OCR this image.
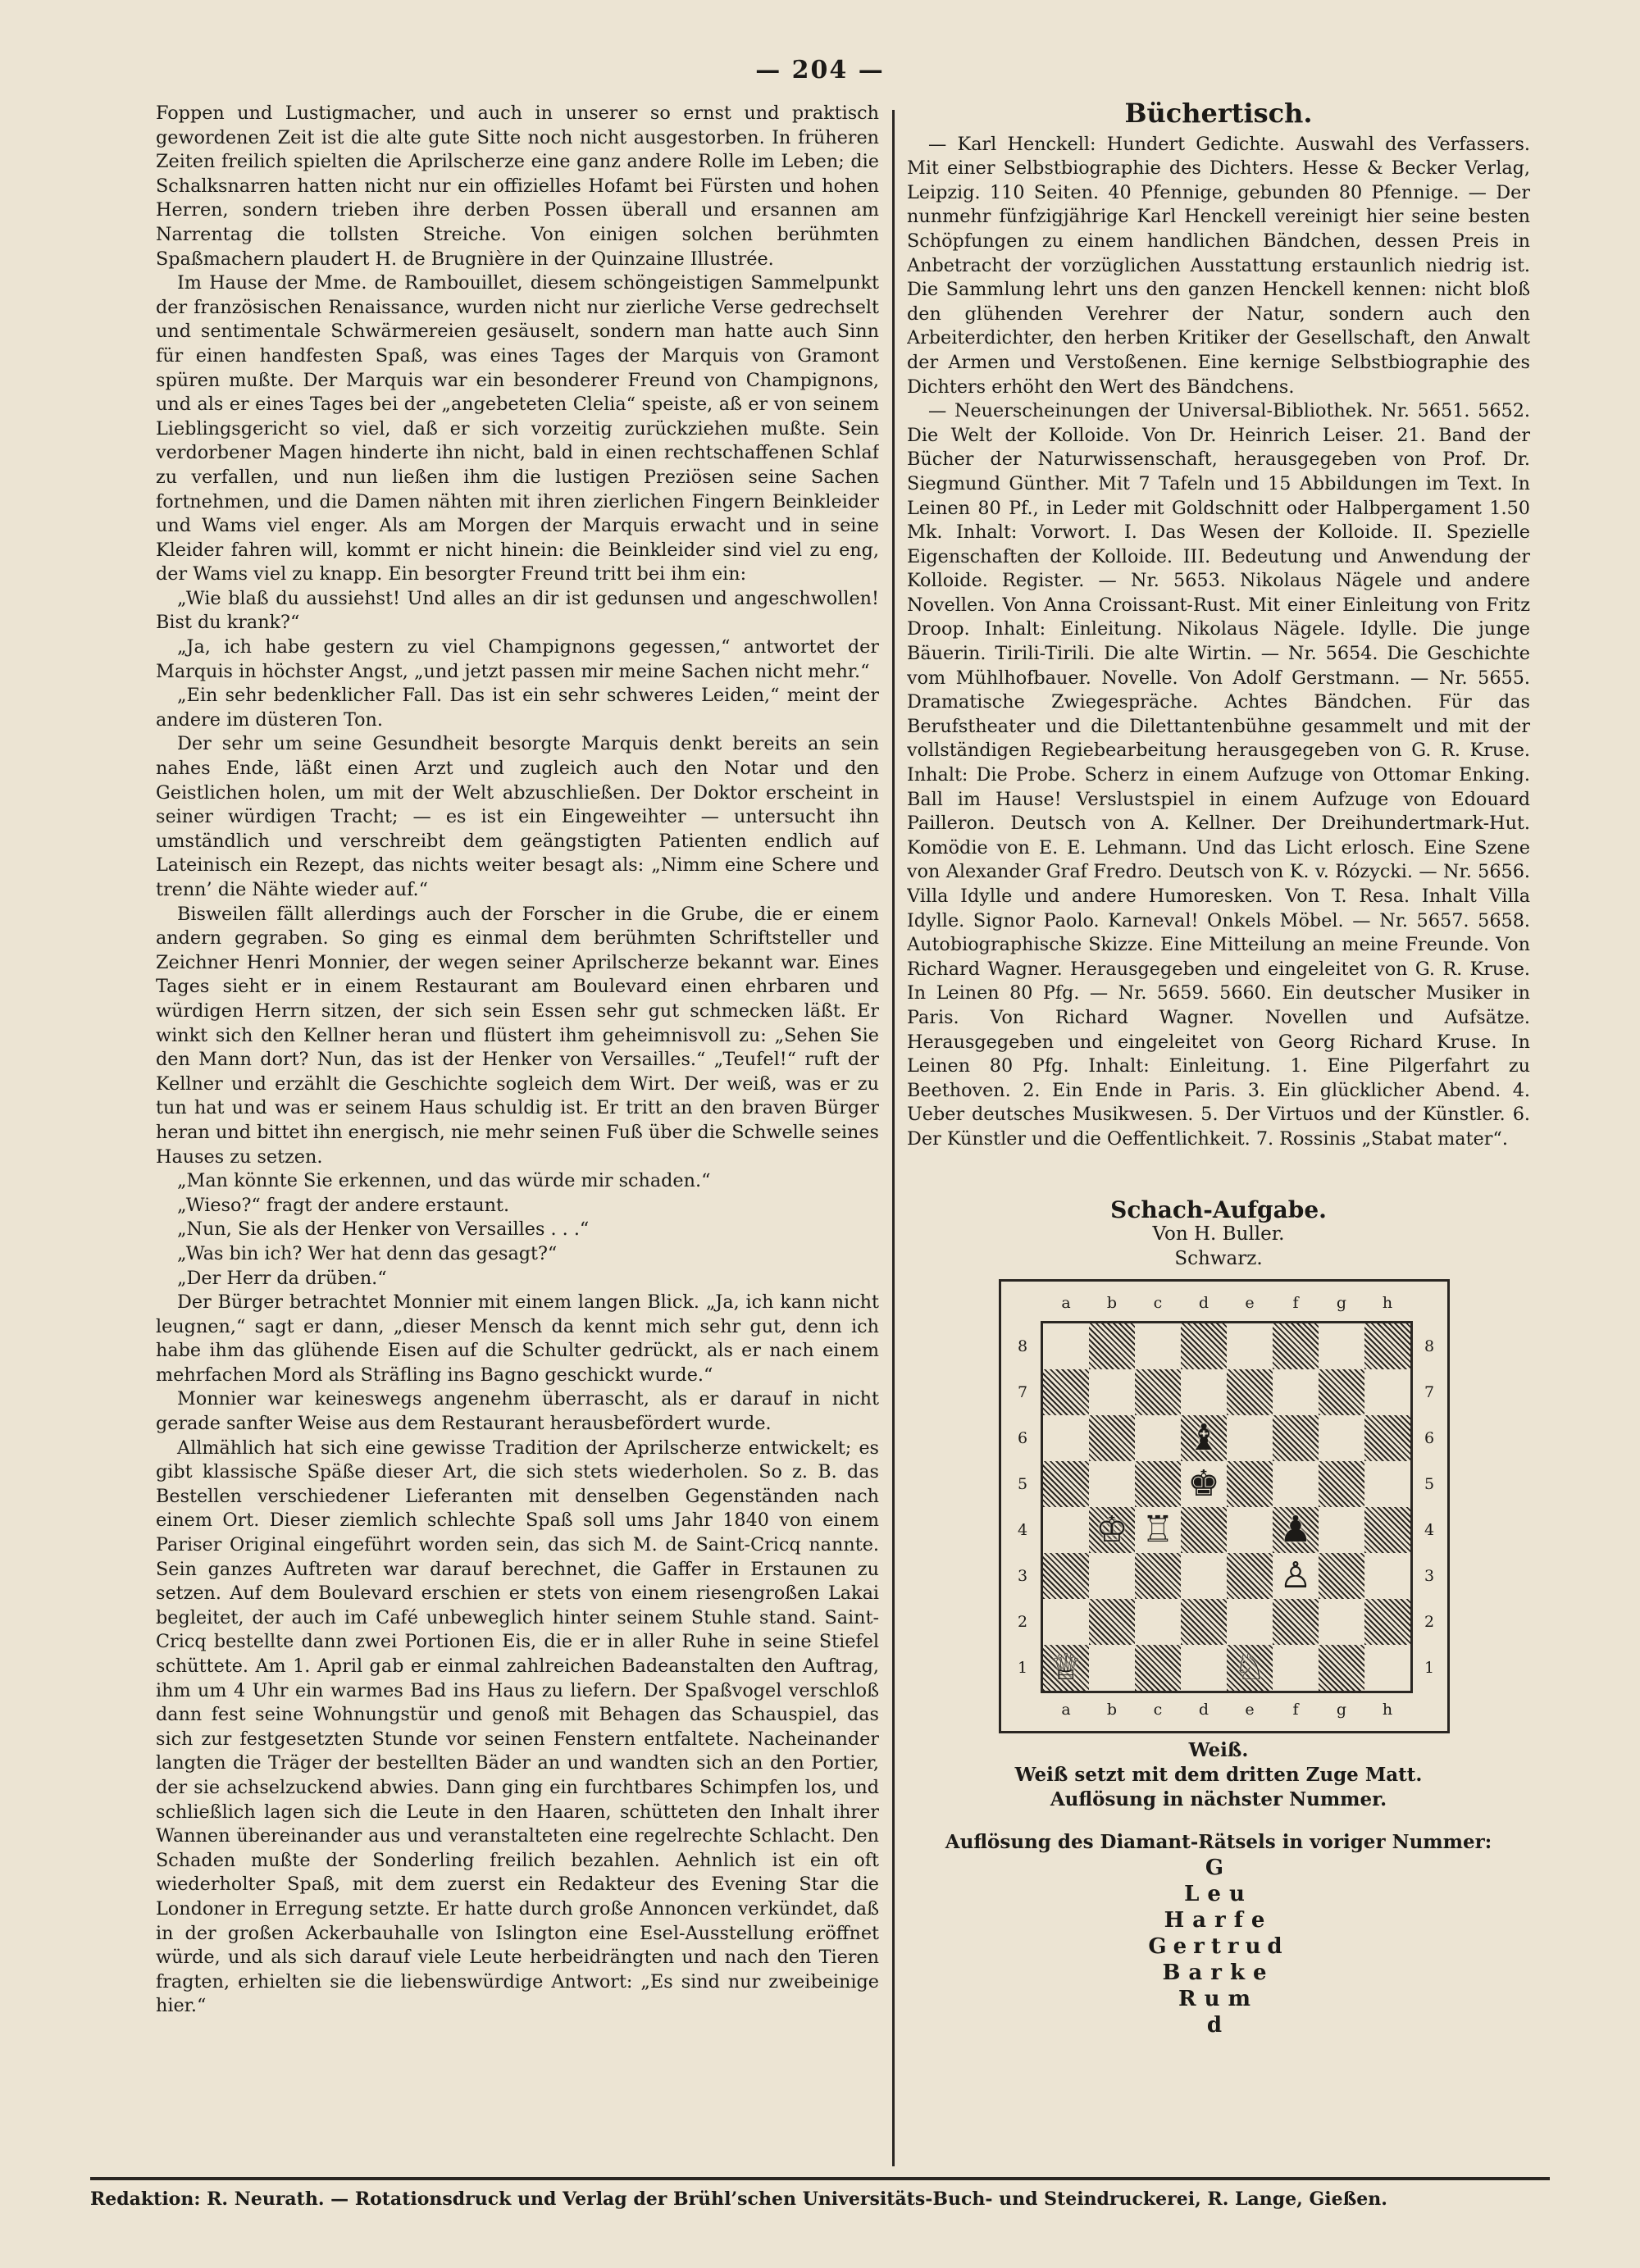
— 204 —

Foppen und Lustigmacher, und auch in unserer so ernst und praktisch gewordenen Zeit ist die alte gute Sitte noch nicht ausgestorben. In früheren Zeiten freilich spielten die Aprilscherze eine ganz andere Rolle im Leben; die Schalksnarren hatten nicht nur ein offizielles Hofamt bei Fürsten und hohen Herren, sondern trieben ihre derben Possen überall und ersannen am Narrentag die tollsten Streiche. Von einigen solchen berühmten Spaßmachern plaudert H. de Brugnière in der Quinzaine Illustrée.

Im Hause der Mme. de Rambouillet, diesem schöngeistigen Sammelpunkt der französischen Renaissance, wurden nicht nur zierliche Verse gedrechselt und sentimentale Schwärmereien gesäuselt, sondern man hatte auch Sinn für einen handfesten Spaß, was eines Tages der Marquis von Gramont spüren mußte. Der Marquis war ein besonderer Freund von Champignons, und als er eines Tages bei der „angebeteten Clelia“ speiste, aß er von seinem Lieblingsgericht so viel, daß er sich vorzeitig zurückziehen mußte. Sein verdorbener Magen hinderte ihn nicht, bald in einen rechtschaffenen Schlaf zu verfallen, und nun ließen ihm die lustigen Preziösen seine Sachen fortnehmen, und die Damen nähten mit ihren zierlichen Fingern Beinkleider und Wams viel enger. Als am Morgen der Marquis erwacht und in seine Kleider fahren will, kommt er nicht hinein: die Beinkleider sind viel zu eng, der Wams viel zu knapp. Ein besorgter Freund tritt bei ihm ein:

„Wie blaß du aussiehst! Und alles an dir ist gedunsen und angeschwollen! Bist du krank?“

„Ja, ich habe gestern zu viel Champignons gegessen,“ antwortet der Marquis in höchster Angst, „und jetzt passen mir meine Sachen nicht mehr.“

„Ein sehr bedenklicher Fall. Das ist ein sehr schweres Leiden,“ meint der andere im düsteren Ton.

Der sehr um seine Gesundheit besorgte Marquis denkt bereits an sein nahes Ende, läßt einen Arzt und zugleich auch den Notar und den Geistlichen holen, um mit der Welt abzuschließen. Der Doktor erscheint in seiner würdigen Tracht; — es ist ein Eingeweihter — untersucht ihn umständlich und verschreibt dem geängstigten Patienten endlich auf Lateinisch ein Rezept, das nichts weiter besagt als: „Nimm eine Schere und trenn’ die Nähte wieder auf.“

Bisweilen fällt allerdings auch der Forscher in die Grube, die er einem andern gegraben. So ging es einmal dem berühmten Schriftsteller und Zeichner Henri Monnier, der wegen seiner Aprilscherze bekannt war. Eines Tages sieht er in einem Restaurant am Boulevard einen ehrbaren und würdigen Herrn sitzen, der sich sein Essen sehr gut schmecken läßt. Er winkt sich den Kellner heran und flüstert ihm geheimnisvoll zu: „Sehen Sie den Mann dort? Nun, das ist der Henker von Versailles.“ „Teufel!“ ruft der Kellner und erzählt die Geschichte sogleich dem Wirt. Der weiß, was er zu tun hat und was er seinem Haus schuldig ist. Er tritt an den braven Bürger heran und bittet ihn energisch, nie mehr seinen Fuß über die Schwelle seines Hauses zu setzen.

„Man könnte Sie erkennen, und das würde mir schaden.“

„Wieso?“ fragt der andere erstaunt.

„Nun, Sie als der Henker von Versailles . . .“

„Was bin ich? Wer hat denn das gesagt?“

„Der Herr da drüben.“

Der Bürger betrachtet Monnier mit einem langen Blick. „Ja, ich kann nicht leugnen,“ sagt er dann, „dieser Mensch da kennt mich sehr gut, denn ich habe ihm das glühende Eisen auf die Schulter gedrückt, als er nach einem mehrfachen Mord als Sträfling ins Bagno geschickt wurde.“

Monnier war keineswegs angenehm überrascht, als er darauf in nicht gerade sanfter Weise aus dem Restaurant herausbefördert wurde.

Allmählich hat sich eine gewisse Tradition der Aprilscherze entwickelt; es gibt klassische Späße dieser Art, die sich stets wiederholen. So z. B. das Bestellen verschiedener Lieferanten mit denselben Gegenständen nach einem Ort. Dieser ziemlich schlechte Spaß soll ums Jahr 1840 von einem Pariser Original eingeführt worden sein, das sich M. de Saint-Cricq nannte. Sein ganzes Auftreten war darauf berechnet, die Gaffer in Erstaunen zu setzen. Auf dem Boulevard erschien er stets von einem riesengroßen Lakai begleitet, der auch im Café unbeweglich hinter seinem Stuhle stand. Saint-Cricq bestellte dann zwei Portionen Eis, die er in aller Ruhe in seine Stiefel schüttete. Am 1. April gab er einmal zahlreichen Badeanstalten den Auftrag, ihm um 4 Uhr ein warmes Bad ins Haus zu liefern. Der Spaßvogel verschloß dann fest seine Wohnungstür und genoß mit Behagen das Schauspiel, das sich zur festgesetzten Stunde vor seinen Fenstern entfaltete. Nacheinander langten die Träger der bestellten Bäder an und wandten sich an den Portier, der sie achselzuckend abwies. Dann ging ein furchtbares Schimpfen los, und schließlich lagen sich die Leute in den Haaren, schütteten den Inhalt ihrer Wannen übereinander aus und veranstalteten eine regelrechte Schlacht. Den Schaden mußte der Sonderling freilich bezahlen. Aehnlich ist ein oft wiederholter Spaß, mit dem zuerst ein Redakteur des Evening Star die Londoner in Erregung setzte. Er hatte durch große Annoncen verkündet, daß in der großen Ackerbauhalle von Islington eine Esel-Ausstellung eröffnet würde, und als sich darauf viele Leute herbeidrängten und nach den Tieren fragten, erhielten sie die liebenswürdige Antwort: „Es sind nur zweibeinige hier.“

Büchertisch.

— Karl Henckell: Hundert Gedichte. Auswahl des Verfassers. Mit einer Selbstbiographie des Dichters. Hesse & Becker Verlag, Leipzig. 110 Seiten. 40 Pfennige, gebunden 80 Pfennige. — Der nunmehr fünfzigjährige Karl Henckell vereinigt hier seine besten Schöpfungen zu einem handlichen Bändchen, dessen Preis in Anbetracht der vorzüglichen Ausstattung erstaunlich niedrig ist. Die Sammlung lehrt uns den ganzen Henckell kennen: nicht bloß den glühenden Verehrer der Natur, sondern auch den Arbeiterdichter, den herben Kritiker der Gesellschaft, den Anwalt der Armen und Verstoßenen. Eine kernige Selbstbiographie des Dichters erhöht den Wert des Bändchens.

— Neuerscheinungen der Universal-Bibliothek. Nr. 5651. 5652. Die Welt der Kolloide. Von Dr. Heinrich Leiser. 21. Band der Bücher der Naturwissenschaft, herausgegeben von Prof. Dr. Siegmund Günther. Mit 7 Tafeln und 15 Abbildungen im Text. In Leinen 80 Pf., in Leder mit Goldschnitt oder Halbpergament 1.50 Mk. Inhalt: Vorwort. I. Das Wesen der Kolloide. II. Spezielle Eigenschaften der Kolloide. III. Bedeutung und Anwendung der Kolloide. Register. — Nr. 5653. Nikolaus Nägele und andere Novellen. Von Anna Croissant-Rust. Mit einer Einleitung von Fritz Droop. Inhalt: Einleitung. Nikolaus Nägele. Idylle. Die junge Bäuerin. Tirili-Tirili. Die alte Wirtin. — Nr. 5654. Die Geschichte vom Mühlhofbauer. Novelle. Von Adolf Gerstmann. — Nr. 5655. Dramatische Zwiegespräche. Achtes Bändchen. Für das Berufstheater und die Dilettantenbühne gesammelt und mit der vollständigen Regiebearbeitung herausgegeben von G. R. Kruse. Inhalt: Die Probe. Scherz in einem Aufzuge von Ottomar Enking. Ball im Hause! Verslustspiel in einem Aufzuge von Edouard Pailleron. Deutsch von A. Kellner. Der Dreihundertmark-Hut. Komödie von E. E. Lehmann. Und das Licht erlosch. Eine Szene von Alexander Graf Fredro. Deutsch von K. v. Rózycki. — Nr. 5656. Villa Idylle und andere Humoresken. Von T. Resa. Inhalt Villa Idylle. Signor Paolo. Karneval! Onkels Möbel. — Nr. 5657. 5658. Autobiographische Skizze. Eine Mitteilung an meine Freunde. Von Richard Wagner. Herausgegeben und eingeleitet von G. R. Kruse. In Leinen 80 Pfg. — Nr. 5659. 5660. Ein deutscher Musiker in Paris. Von Richard Wagner. Novellen und Aufsätze. Herausgegeben und eingeleitet von Georg Richard Kruse. In Leinen 80 Pfg. Inhalt: Einleitung. 1. Eine Pilgerfahrt zu Beethoven. 2. Ein Ende in Paris. 3. Ein glücklicher Abend. 4. Ueber deutsches Musikwesen. 5. Der Virtuos und der Künstler. 6. Der Künstler und die Oeffentlichkeit. 7. Rossinis „Stabat mater“.

Schach-Aufgabe.
Von H. Buller.
Schwarz.
♝
♚
♔ ♖	♟
♙
♕	♘
a
a
b
b
c
c
d
d
e
e
f
f
g
g
h
h
8	8
7	7
6	6
5	5
4	4
3	3
2	2
1	1
Weiß.
Weiß setzt mit dem dritten Zuge Matt.
Auflösung in nächster Nummer.
Auflösung des Diamant-Rätsels in voriger Nummer:
G
Leu
Harfe
Gertrud
Barke
Rum
d
Redaktion: R. Neurath. — Rotationsdruck und Verlag der Brühl’schen Universitäts-Buch- und Steindruckerei, R. Lange, Gießen.
